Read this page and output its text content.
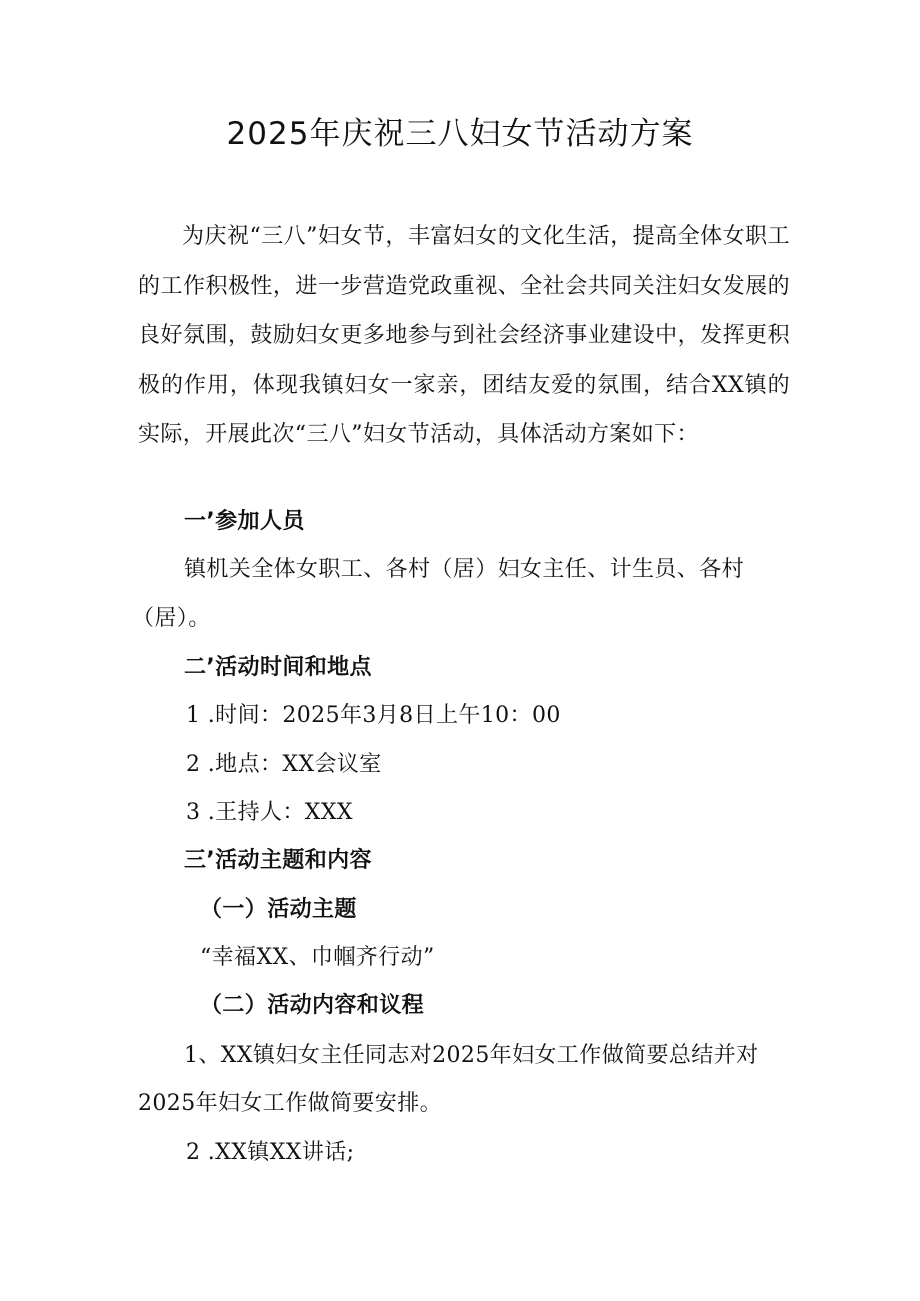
2025年庆祝三八妇女节活动方案

为庆祝“三八”妇女节，丰富妇女的文化生活，提高全体女职工的工作积极性，进一步营造党政重视、全社会共同关注妇女发展的良好氛围，鼓励妇女更多地参与到社会经济事业建设中，发挥更积极的作用，体现我镇妇女一家亲，团结友爱的氛围，结合XX镇的实际，开展此次“三八”妇女节活动，具体活动方案如下：

一’参加人员
镇机关全体女职工、各村（居）妇女主任、计生员、各村
（居）。
二’活动时间和地点
1 .时间：2025年3月8日上午10：00
2 .地点：XX会议室
3 .王持人：XXX
三’活动主题和内容
（一）活动主题
“幸福XX、巾帼齐行动”
（二）活动内容和议程
1、XX镇妇女主任同志对2025年妇女工作做简要总结并对
2025年妇女工作做简要安排。
2 .XX镇XX讲话;
